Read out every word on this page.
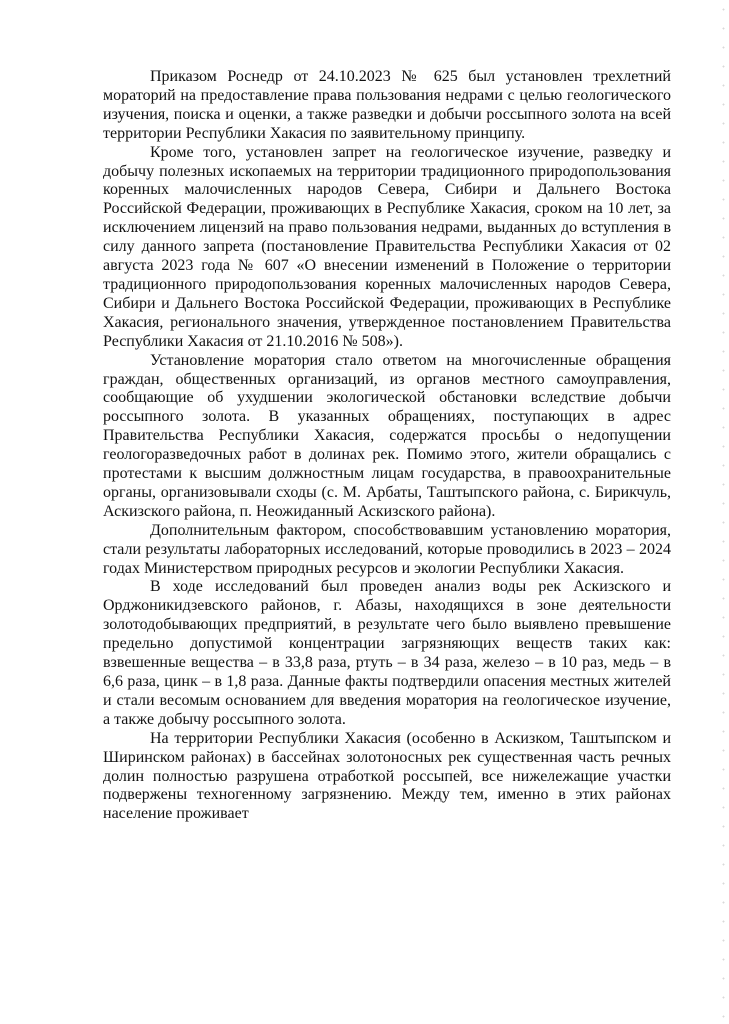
Приказом Роснедр от 24.10.2023 № 625 был установлен трехлетний мораторий на предоставление права пользования недрами с целью геологического изучения, поиска и оценки, а также разведки и добычи россыпного золота на всей территории Республики Хакасия по заявительному принципу.

Кроме того, установлен запрет на геологическое изучение, разведку и добычу полезных ископаемых на территории традиционного природопользования коренных малочисленных народов Севера, Сибири и Дальнего Востока Российской Федерации, проживающих в Республике Хакасия, сроком на 10 лет, за исключением лицензий на право пользования недрами, выданных до вступления в силу данного запрета (постановление Правительства Республики Хакасия от 02 августа 2023 года № 607 «О внесении изменений в Положение о территории традиционного природопользования коренных малочисленных народов Севера, Сибири и Дальнего Востока Российской Федерации, проживающих в Республике Хакасия, регионального значения, утвержденное постановлением Правительства Республики Хакасия от 21.10.2016 № 508»).

Установление моратория стало ответом на многочисленные обращения граждан, общественных организаций, из органов местного самоуправления, сообщающие об ухудшении экологической обстановки вследствие добычи россыпного золота. В указанных обращениях, поступающих в адрес Правительства Республики Хакасия, содержатся просьбы о недопущении геологоразведочных работ в долинах рек. Помимо этого, жители обращались с протестами к высшим должностным лицам государства, в правоохранительные органы, организовывали сходы (с. М. Арбаты, Таштыпского района, с. Бирикчуль, Аскизского района, п. Неожиданный Аскизского района).

Дополнительным фактором, способствовавшим установлению моратория, стали результаты лабораторных исследований, которые проводились в 2023 – 2024 годах Министерством природных ресурсов и экологии Республики Хакасия.

В ходе исследований был проведен анализ воды рек Аскизского и Орджоникидзевского районов, г. Абазы, находящихся в зоне деятельности золотодобывающих предприятий, в результате чего было выявлено превышение предельно допустимой концентрации загрязняющих веществ таких как: взвешенные вещества – в 33,8 раза, ртуть – в 34 раза, железо – в 10 раз, медь – в 6,6 раза, цинк – в 1,8 раза. Данные факты подтвердили опасения местных жителей и стали весомым основанием для введения моратория на геологическое изучение, а также добычу россыпного золота.

На территории Республики Хакасия (особенно в Аскизком, Таштыпском и Ширинском районах) в бассейнах золотоносных рек существенная часть речных долин полностью разрушена отработкой россыпей, все нижележащие участки подвержены техногенному загрязнению. Между тем, именно в этих районах население проживает
